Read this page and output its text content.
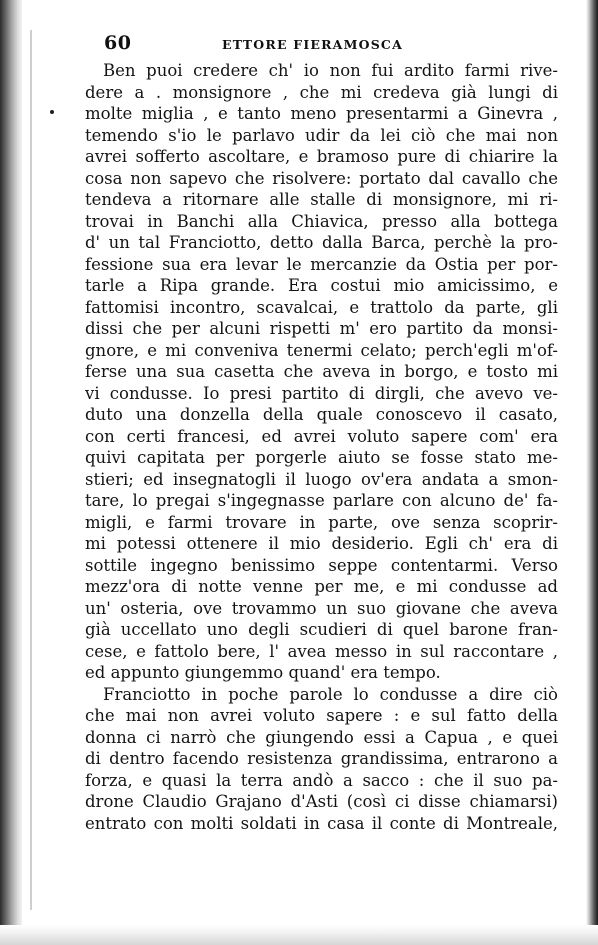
60	ETTORE FIERAMOSCA
Ben puoi credere ch' io non fui ardito farmi rive-
dere a . monsignore , che mi credeva già lungi di
molte miglia , e tanto meno presentarmi a Ginevra ,
temendo s'io le parlavo udir da lei ciò che mai non
avrei sofferto ascoltare, e bramoso pure di chiarire la
cosa non sapevo che risolvere: portato dal cavallo che
tendeva a ritornare alle stalle di monsignore, mi ri-
trovai in Banchi alla Chiavica, presso alla bottega
d' un tal Franciotto, detto dalla Barca, perchè la pro-
fessione sua era levar le mercanzie da Ostia per por-
tarle a Ripa grande. Era costui mio amicissimo, e
fattomisi incontro, scavalcai, e trattolo da parte, gli
dissi che per alcuni rispetti m' ero partito da monsi-
gnore, e mi conveniva tenermi celato; perch'egli m'of-
ferse una sua casetta che aveva in borgo, e tosto mi
vi condusse. Io presi partito di dirgli, che avevo ve-
duto una donzella della quale conoscevo il casato,
con certi francesi, ed avrei voluto sapere com' era
quivi capitata per porgerle aiuto se fosse stato me-
stieri; ed insegnatogli il luogo ov'era andata a smon-
tare, lo pregai s'ingegnasse parlare con alcuno de' fa-
migli, e farmi trovare in parte, ove senza scoprir-
mi potessi ottenere il mio desiderio. Egli ch' era di
sottile ingegno benissimo seppe contentarmi. Verso
mezz'ora di notte venne per me, e mi condusse ad
un' osteria, ove trovammo un suo giovane che aveva
già uccellato uno degli scudieri di quel barone fran-
cese, e fattolo bere, l' avea messo in sul raccontare ,
ed appunto giungemmo quand' era tempo.
Franciotto in poche parole lo condusse a dire ciò
che mai non avrei voluto sapere : e sul fatto della
donna ci narrò che giungendo essi a Capua , e quei
di dentro facendo resistenza grandissima, entrarono a
forza, e quasi la terra andò a sacco : che il suo pa-
drone Claudio Grajano d'Asti (così ci disse chiamarsi)
entrato con molti soldati in casa il conte di Montreale,
